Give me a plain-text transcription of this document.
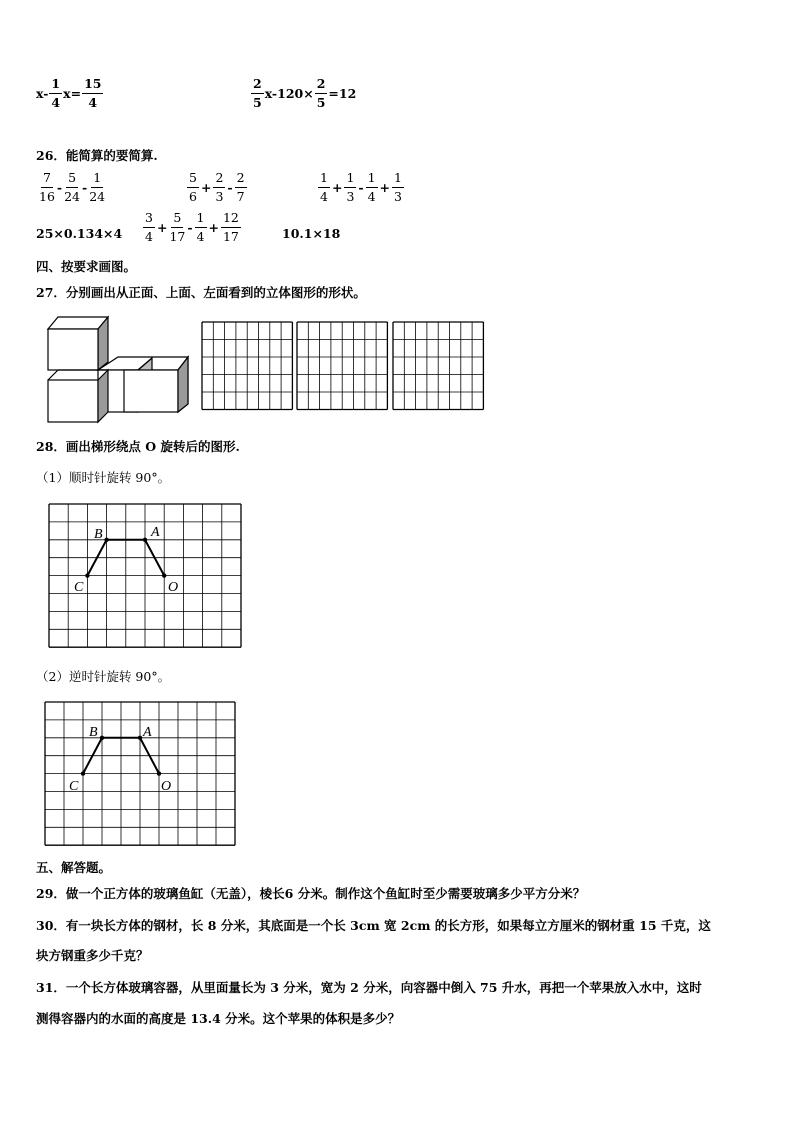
$x- \frac{1}{4} x= \frac{15}{4}$	$\frac{2}{5} x-120\times \frac{2}{5} =12$
26．能简算的要简算.
$\frac{7}{16} - \frac{5}{24} - \frac{1}{24}$	$\frac{5}{6} + \frac{2}{3} - \frac{2}{7}$	$\frac{1}{4} + \frac{1}{3} - \frac{1}{4} + \frac{1}{3}$
$25\times 0.134\times 4 \frac{3}{4} + \frac{5}{17} - \frac{1}{4} + \frac{12}{17}$	10.1×18
四、按要求画图。
27．分别画出从正面、上面、左面看到的立体图形的形状。
28．画出梯形绕点 O 旋转后的图形.
（1）顺时针旋转 90°。
B	A
C	O
（2）逆时针旋转 90°。
B	A
C	O
五、解答题。
29．做一个正方体的玻璃鱼缸（无盖），棱长6 分米。制作这个鱼缸时至少需要玻璃多少平方分米？
30．有一块长方体的钢材，长 8 分米，其底面是一个长 3cm 宽 2cm 的长方形，如果每立方厘米的钢材重 15 千克，这
块方钢重多少千克？
31．一个长方体玻璃容器，从里面量长为 3 分米，宽为 2 分米，向容器中倒入 75 升水，再把一个苹果放入水中，这时
测得容器内的水面的高度是 13.4 分米。这个苹果的体积是多少？
